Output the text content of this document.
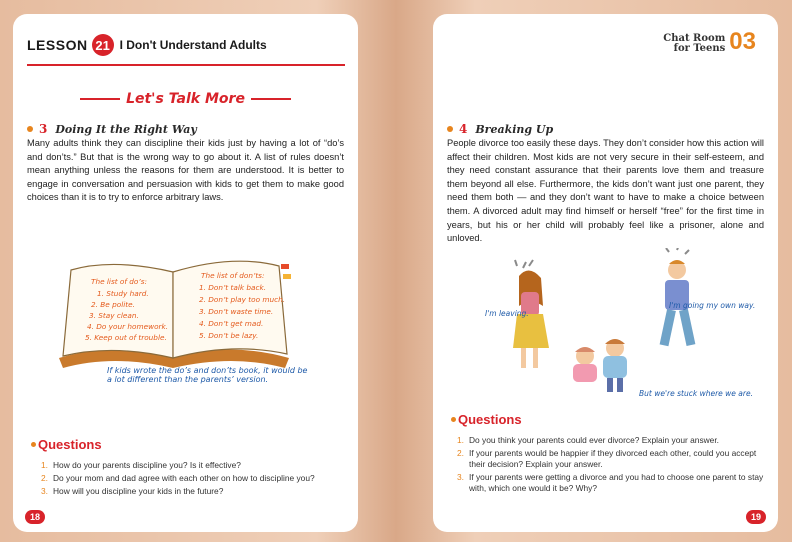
LESSON 21 I Don't Understand Adults
Let's Talk More
3 Doing It the Right Way
Many adults think they can discipline their kids just by having a lot of “do’s and don’ts.” But that is the wrong way to go about it. A list of rules doesn’t mean anything unless the reasons for them are understood. It is better to engage in conversation and persuasion with kids to get them to make good choices than it is to try to enforce arbitrary laws.
The list of do’s:
1. Study hard.
2. Be polite.
3. Stay clean.
4. Do your homework.
5. Keep out of trouble.
The list of don’ts:
1. Don’t talk back.
2. Don’t play too much.
3. Don’t waste time.
4. Don’t get mad.
5. Don’t be lazy.
If kids wrote the do’s and don’ts book, it would be
a lot different than the parents’ version.
Questions
1. How do your parents discipline you? Is it effective?
2. Do your mom and dad agree with each other on how to discipline you?
3. How will you discipline your kids in the future?
18
Chat Room
for Teens 03
4 Breaking Up
People divorce too easily these days. They don’t consider how this action will affect their children. Most kids are not very secure in their self-esteem, and they need constant assurance that their parents love them and treasure them beyond all else. Furthermore, the kids don’t want just one parent, they need them both — and they don’t want to have to make a choice between them. A divorced adult may find himself or herself “free” for the first time in years, but his or her child will probably feel like a prisoner, alone and unloved.
I'm leaving.
I'm going my own way.
But we're stuck where we are.
Questions
1. Do you think your parents could ever divorce? Explain your answer.
2. If your parents would be happier if they divorced each other, could you accept their decision? Explain your answer.
3. If your parents were getting a divorce and you had to choose one parent to stay with, which one would it be? Why?
19
